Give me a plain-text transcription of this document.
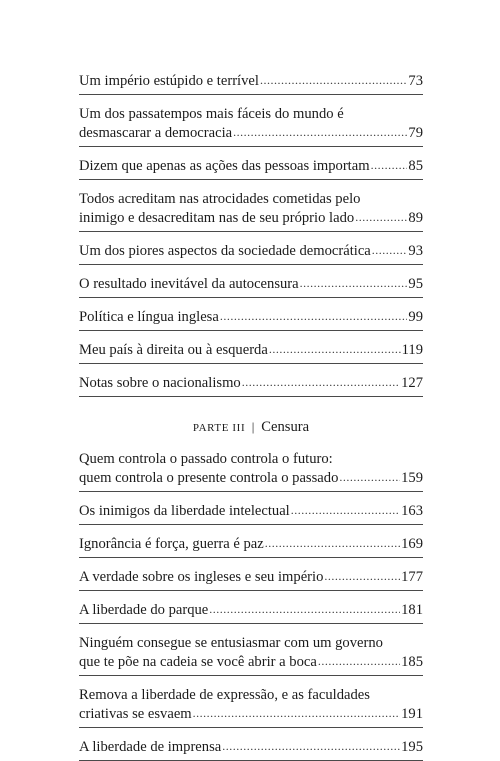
Um império estúpido e terrível .....	73
Um dos passatempos mais fáceis do mundo é
desmascarar a democracia .....	79
Dizem que apenas as ações das pessoas importam .....	85
Todos acreditam nas atrocidades cometidas pelo
inimigo e desacreditam nas de seu próprio lado .....	89
Um dos piores aspectos da sociedade democrática .....	93
O resultado inevitável da autocensura .....	95
Política e língua inglesa .....	99
Meu país à direita ou à esquerda .....	119
Notas sobre o nacionalismo .....	127
PARTE III | Censura
Quem controla o passado controla o futuro:
quem controla o presente controla o passado .....	159
Os inimigos da liberdade intelectual .....	163
Ignorância é força, guerra é paz .....	169
A verdade sobre os ingleses e seu império .....	177
A liberdade do parque .....	181
Ninguém consegue se entusiasmar com um governo
que te põe na cadeia se você abrir a boca .....	185
Remova a liberdade de expressão, e as faculdades
criativas se esvaem .....	191
A liberdade de imprensa .....	195
